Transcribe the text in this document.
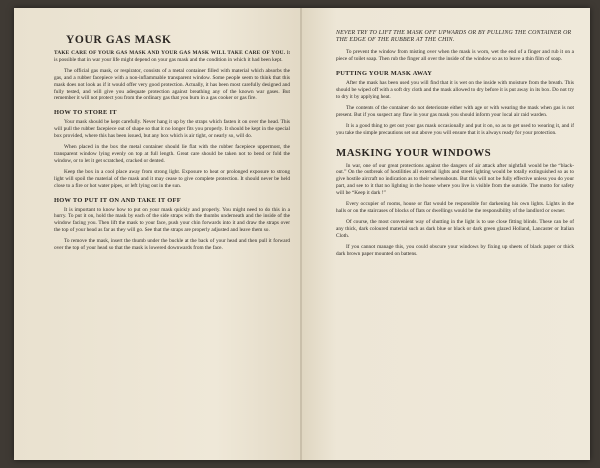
YOUR GAS MASK

TAKE CARE OF YOUR GAS MASK AND YOUR GAS MASK WILL TAKE CARE OF YOU. It is possible that in war your life might depend on your gas mask and the condition in which it had been kept.

The official gas mask, or respirator, consists of a metal container filled with material which absorbs the gas, and a rubber facepiece with a non-inflammable transparent window. Some people seem to think that this mask does not look as if it would offer very good protection. Actually, it has been most carefully designed and fully tested, and will give you adequate protection against breathing any of the known war gases. But remember it will not protect you from the ordinary gas that you burn in a gas cooker or gas fire.

HOW TO STORE IT

Your mask should be kept carefully. Never hang it up by the straps which fasten it on over the head. This will pull the rubber facepiece out of shape so that it no longer fits you properly. It should be kept in the special box provided, where this has been issued, but any box which is air tight, or nearly so, will do.

When placed in the box the metal container should lie flat with the rubber facepiece uppermost, the transparent window lying evenly on top at full length. Great care should be taken not to bend or fold the window, or to let it get scratched, cracked or dented.

Keep the box in a cool place away from strong light. Exposure to heat or prolonged exposure to strong light will spoil the material of the mask and it may cease to give complete protection. It should never be held close to a fire or hot water pipes, or left lying out in the sun.

HOW TO PUT IT ON AND TAKE IT OFF

It is important to know how to put on your mask quickly and properly. You might need to do this in a hurry. To put it on, hold the mask by each of the side straps with the thumbs underneath and the inside of the window facing you. Then lift the mask to your face, push your chin forwards into it and draw the straps over the top of your head as far as they will go. See that the straps are properly adjusted and leave them so.

To remove the mask, insert the thumb under the buckle at the back of your head and then pull it forward over the top of your head so that the mask is lowered downwards from the face.

NEVER TRY TO LIFT THE MASK OFF UPWARDS OR BY PULLING THE CONTAINER OR THE EDGE OF THE RUBBER AT THE CHIN.

To prevent the window from misting over when the mask is worn, wet the end of a finger and rub it on a piece of toilet soap. Then rub the finger all over the inside of the window so as to leave a thin film of soap.

PUTTING YOUR MASK AWAY

After the mask has been used you will find that it is wet on the inside with moisture from the breath. This should be wiped off with a soft dry cloth and the mask allowed to dry before it is put away in its box. Do not try to dry it by applying heat.

The contents of the container do not deteriorate either with age or with wearing the mask when gas is not present. But if you suspect any flaw in your gas mask you should inform your local air raid warden.

It is a good thing to get out your gas mask occasionally and put it on, so as to get used to wearing it, and if you take the simple precautions set out above you will ensure that it is always ready for your protection.

MASKING YOUR WINDOWS

In war, one of our great protections against the dangers of air attack after nightfall would be the “black-out.” On the outbreak of hostilities all external lights and street lighting would be totally extinguished so as to give hostile aircraft no indication as to their whereabouts. But this will not be fully effective unless you do your part, and see to it that no lighting in the house where you live is visible from the outside. The motto for safety will be “Keep it dark !”

Every occupier of rooms, house or flat would be responsible for darkening his own lights. Lights in the halls or on the staircases of blocks of flats or dwellings would be the responsibility of the landlord or owner.

Of course, the most convenient way of shutting in the light is to use close fitting blinds. These can be of any thick, dark coloured material such as dark blue or black or dark green glazed Holland, Lancaster or Italian Cloth.

If you cannot manage this, you could obscure your windows by fixing up sheets of black paper or thick dark brown paper mounted on battens.
